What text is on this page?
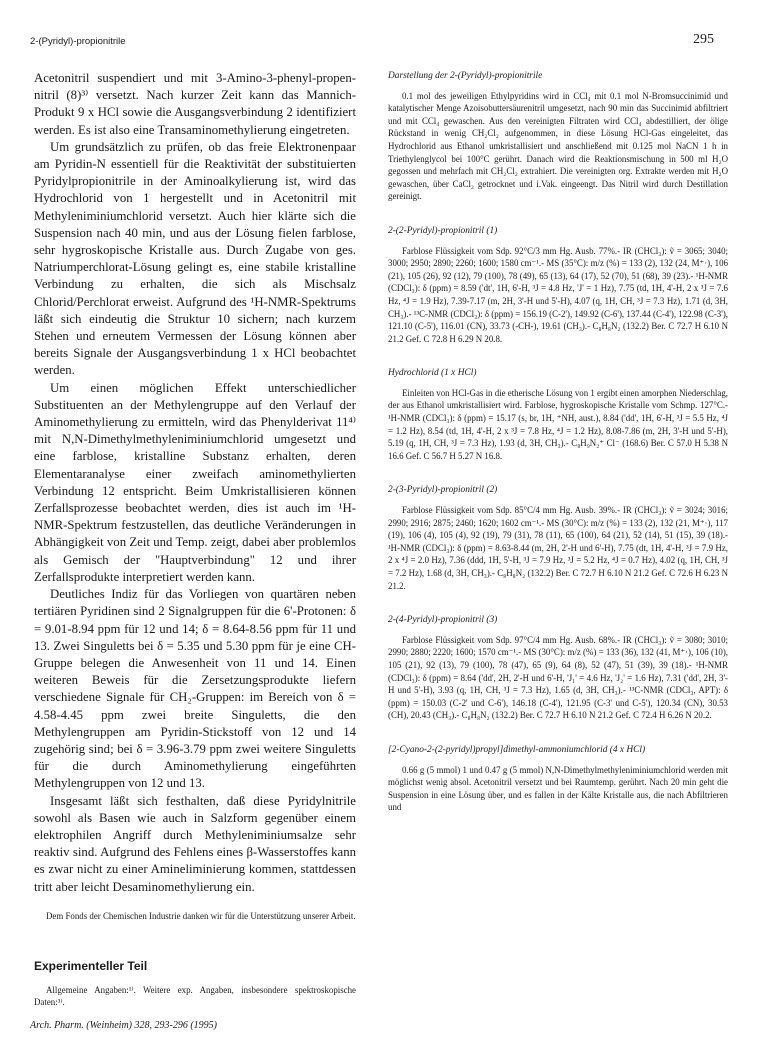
2-(Pyridyl)-propionitrile	295

Acetonitril suspendiert und mit 3-Amino-3-phenyl-propen-nitril (8)³⁾ versetzt. Nach kurzer Zeit kann das Mannich-Produkt 9 x HCl sowie die Ausgangsverbindung 2 identifiziert werden. Es ist also eine Transaminomethylierung eingetreten.

Um grundsätzlich zu prüfen, ob das freie Elektronenpaar am Pyridin-N essentiell für die Reaktivität der substituierten Pyridylpropionitrile in der Aminoalkylierung ist, wird das Hydrochlorid von 1 hergestellt und in Acetonitril mit Methyleniminiumchlorid versetzt. Auch hier klärte sich die Suspension nach 40 min, und aus der Lösung fielen farblose, sehr hygroskopische Kristalle aus. Durch Zugabe von ges. Natriumperchlorat-Lösung gelingt es, eine stabile kristalline Verbindung zu erhalten, die sich als Mischsalz Chlorid/Perchlorat erweist. Aufgrund des ¹H-NMR-Spektrums läßt sich eindeutig die Struktur 10 sichern; nach kurzem Stehen und erneutem Vermessen der Lösung können aber bereits Signale der Ausgangsverbindung 1 x HCl beobachtet werden.

Um einen möglichen Effekt unterschiedlicher Substituenten an der Methylengruppe auf den Verlauf der Aminomethylierung zu ermitteln, wird das Phenylderivat 11⁴⁾ mit N,N-Dimethylmethyleniminiumchlorid umgesetzt und eine farblose, kristalline Substanz erhalten, deren Elementaranalyse einer zweifach aminomethylierten Verbindung 12 entspricht. Beim Umkristallisieren können Zerfallsprozesse beobachtet werden, dies ist auch im ¹H-NMR-Spektrum festzustellen, das deutliche Veränderungen in Abhängigkeit von Zeit und Temp. zeigt, dabei aber problemlos als Gemisch der "Hauptverbindung" 12 und ihrer Zerfallsprodukte interpretiert werden kann.

Deutliches Indiz für das Vorliegen von quartären neben tertiären Pyridinen sind 2 Signalgruppen für die 6'-Protonen: δ = 9.01-8.94 ppm für 12 und 14; δ = 8.64-8.56 ppm für 11 und 13. Zwei Singuletts bei δ = 5.35 und 5.30 ppm für je eine CH-Gruppe belegen die Anwesenheit von 11 und 14. Einen weiteren Beweis für die Zersetzungsprodukte liefern verschiedene Signale für CH₂-Gruppen: im Bereich von δ = 4.58-4.45 ppm zwei breite Singuletts, die den Methylengruppen am Pyridin-Stickstoff von 12 und 14 zugehörig sind; bei δ = 3.96-3.79 ppm zwei weitere Singuletts für die durch Aminomethylierung eingeführten Methylengruppen von 12 und 13.

Insgesamt läßt sich festhalten, daß diese Pyridylnitrile sowohl als Basen wie auch in Salzform gegenüber einem elektrophilen Angriff durch Methyleniminiumsalze sehr reaktiv sind. Aufgrund des Fehlens eines β-Wasserstoffes kann es zwar nicht zu einer Amineliminierung kommen, stattdessen tritt aber leicht Desaminomethylierung ein.

Dem Fonds der Chemischen Industrie danken wir für die Unterstützung unserer Arbeit.

Experimenteller Teil

Allgemeine Angaben:¹⁾. Weitere exp. Angaben, insbesondere spektroskopische Daten:³⁾.

Darstellung der 2-(Pyridyl)-propionitrile

0.1 mol des jeweiligen Ethylpyridins wird in CCl₄ mit 0.1 mol N-Bromsuccinimid und katalytischer Menge Azoisobuttersäurenitril umgesetzt, nach 90 min das Succinimid abfiltriert und mit CCl₄ gewaschen. Aus den vereinigten Filtraten wird CCl₄ abdestilliert, der ölige Rückstand in wenig CH₂Cl₂ aufgenommen, in diese Lösung HCl-Gas eingeleitet, das Hydrochlorid aus Ethanol umkristallisiert und anschließend mit 0.125 mol NaCN 1 h in Triethylenglycol bei 100°C gerührt. Danach wird die Reaktionsmischung in 500 ml H₂O gegossen und mehrfach mit CH₂Cl₂ extrahiert. Die vereinigten org. Extrakte werden mit H₂O gewaschen, über CaCl₂ getrocknet und i.Vak. eingeengt. Das Nitril wird durch Destillation gereinigt.

2-(2-Pyridyl)-propionitril (1)

Farblose Flüssigkeit vom Sdp. 92°C/3 mm Hg. Ausb. 77%.- IR (CHCl₃): ṽ = 3065; 3040; 3000; 2950; 2890; 2260; 1600; 1580 cm⁻¹.- MS (35°C): m/z (%) = 133 (2), 132 (24, M⁺·), 106 (21), 105 (26), 92 (12), 79 (100), 78 (49), 65 (13), 64 (17), 52 (70), 51 (68), 39 (23).- ¹H-NMR (CDCl₃): δ (ppm) = 8.59 ('dt', 1H, 6'-H, ³J = 4.8 Hz, 'J' = 1 Hz), 7.75 (td, 1H, 4'-H, 2 x ³J = 7.6 Hz, ⁴J = 1.9 Hz), 7.39-7.17 (m, 2H, 3'-H und 5'-H), 4.07 (q, 1H, CH, ³J = 7.3 Hz), 1.71 (d, 3H, CH₃).- ¹³C-NMR (CDCl₃): δ (ppm) = 156.19 (C-2'), 149.92 (C-6'), 137.44 (C-4'), 122.98 (C-3'), 121.10 (C-5'), 116.01 (CN), 33.73 (-CH-), 19.61 (CH₃).- C₈H₈N₂ (132.2) Ber. C 72.7 H 6.10 N 21.2 Gef. C 72.8 H 6.29 N 20.8.

Hydrochlorid (1 x HCl)

Einleiten von HCl-Gas in die etherische Lösung von 1 ergibt einen amorphen Niederschlag, der aus Ethanol umkristallisiert wird. Farblose, hygroskopische Kristalle vom Schmp. 127°C.- ¹H-NMR (CDCl₃): δ (ppm) = 15.17 (s, br, 1H, ⁺NH, aust.), 8.84 ('dd', 1H, 6'-H, ³J = 5.5 Hz, ⁴J = 1.2 Hz), 8.54 (td, 1H, 4'-H, 2 x ³J = 7.8 Hz, ⁴J = 1.2 Hz), 8.08-7.86 (m, 2H, 3'-H und 5'-H), 5.19 (q, 1H, CH, ³J = 7.3 Hz), 1.93 (d, 3H, CH₃).- C₈H₉N₂⁺ Cl⁻ (168.6) Ber. C 57.0 H 5.38 N 16.6 Gef. C 56.7 H 5.27 N 16.8.

2-(3-Pyridyl)-propionitril (2)

Farblose Flüssigkeit vom Sdp. 85°C/4 mm Hg. Ausb. 39%.- IR (CHCl₃): ṽ = 3024; 3016; 2990; 2916; 2875; 2460; 1620; 1602 cm⁻¹.- MS (30°C): m/z (%) = 133 (2), 132 (21, M⁺·), 117 (19), 106 (4), 105 (4), 92 (19), 79 (31), 78 (11), 65 (100), 64 (21), 52 (14), 51 (15), 39 (18).- ¹H-NMR (CDCl₃): δ (ppm) = 8.63-8.44 (m, 2H, 2'-H und 6'-H), 7.75 (dt, 1H, 4'-H, ³J = 7.9 Hz, 2 x ⁴J = 2.0 Hz), 7.36 (ddd, 1H, 5'-H, ³J = 7.9 Hz, ³J = 5.2 Hz, ⁴J = 0.7 Hz), 4.02 (q, 1H, CH, ³J = 7.2 Hz), 1.68 (d, 3H, CH₃).- C₈H₈N₂ (132.2) Ber. C 72.7 H 6.10 N 21.2 Gef. C 72.6 H 6.23 N 21.2.

2-(4-Pyridyl)-propionitril (3)

Farblose Flüssigkeit vom Sdp. 97°C/4 mm Hg. Ausb. 68%.- IR (CHCl₃): ṽ = 3080; 3010; 2990; 2880; 2220; 1600; 1570 cm⁻¹.- MS (30°C): m/z (%) = 133 (36), 132 (41, M⁺·), 106 (10), 105 (21), 92 (13), 79 (100), 78 (47), 65 (9), 64 (8), 52 (47), 51 (39), 39 (18).- ¹H-NMR (CDCl₃): δ (ppm) = 8.64 ('dd', 2H, 2'-H und 6'-H, 'J₁' = 4.6 Hz, 'J₂' = 1.6 Hz), 7.31 ('dd', 2H, 3'-H und 5'-H), 3.93 (q, 1H, CH, ³J = 7.3 Hz), 1.65 (d, 3H, CH₃).- ¹³C-NMR (CDCl₃, APT): δ (ppm) = 150.03 (C-2' und C-6'), 146.18 (C-4'), 121.95 (C-3' und C-5'), 120.34 (CN), 30.53 (CH), 20.43 (CH₃).- C₈H₈N₂ (132.2) Ber. C 72.7 H 6.10 N 21.2 Gef. C 72.4 H 6.26 N 20.2.

[2-Cyano-2-(2-pyridyl)propyl]dimethyl-ammoniumchlorid (4 x HCl)

0.66 g (5 mmol) 1 und 0.47 g (5 mmol) N,N-Dimethylmethyleniminiumchlorid werden mit möglichst wenig absol. Acetonitril versetzt und bei Raumtemp. gerührt. Nach 20 min geht die Suspension in eine Lösung über, und es fallen in der Kälte Kristalle aus, die nach Abfiltrieren und

Arch. Pharm. (Weinheim) 328, 293-296 (1995)
